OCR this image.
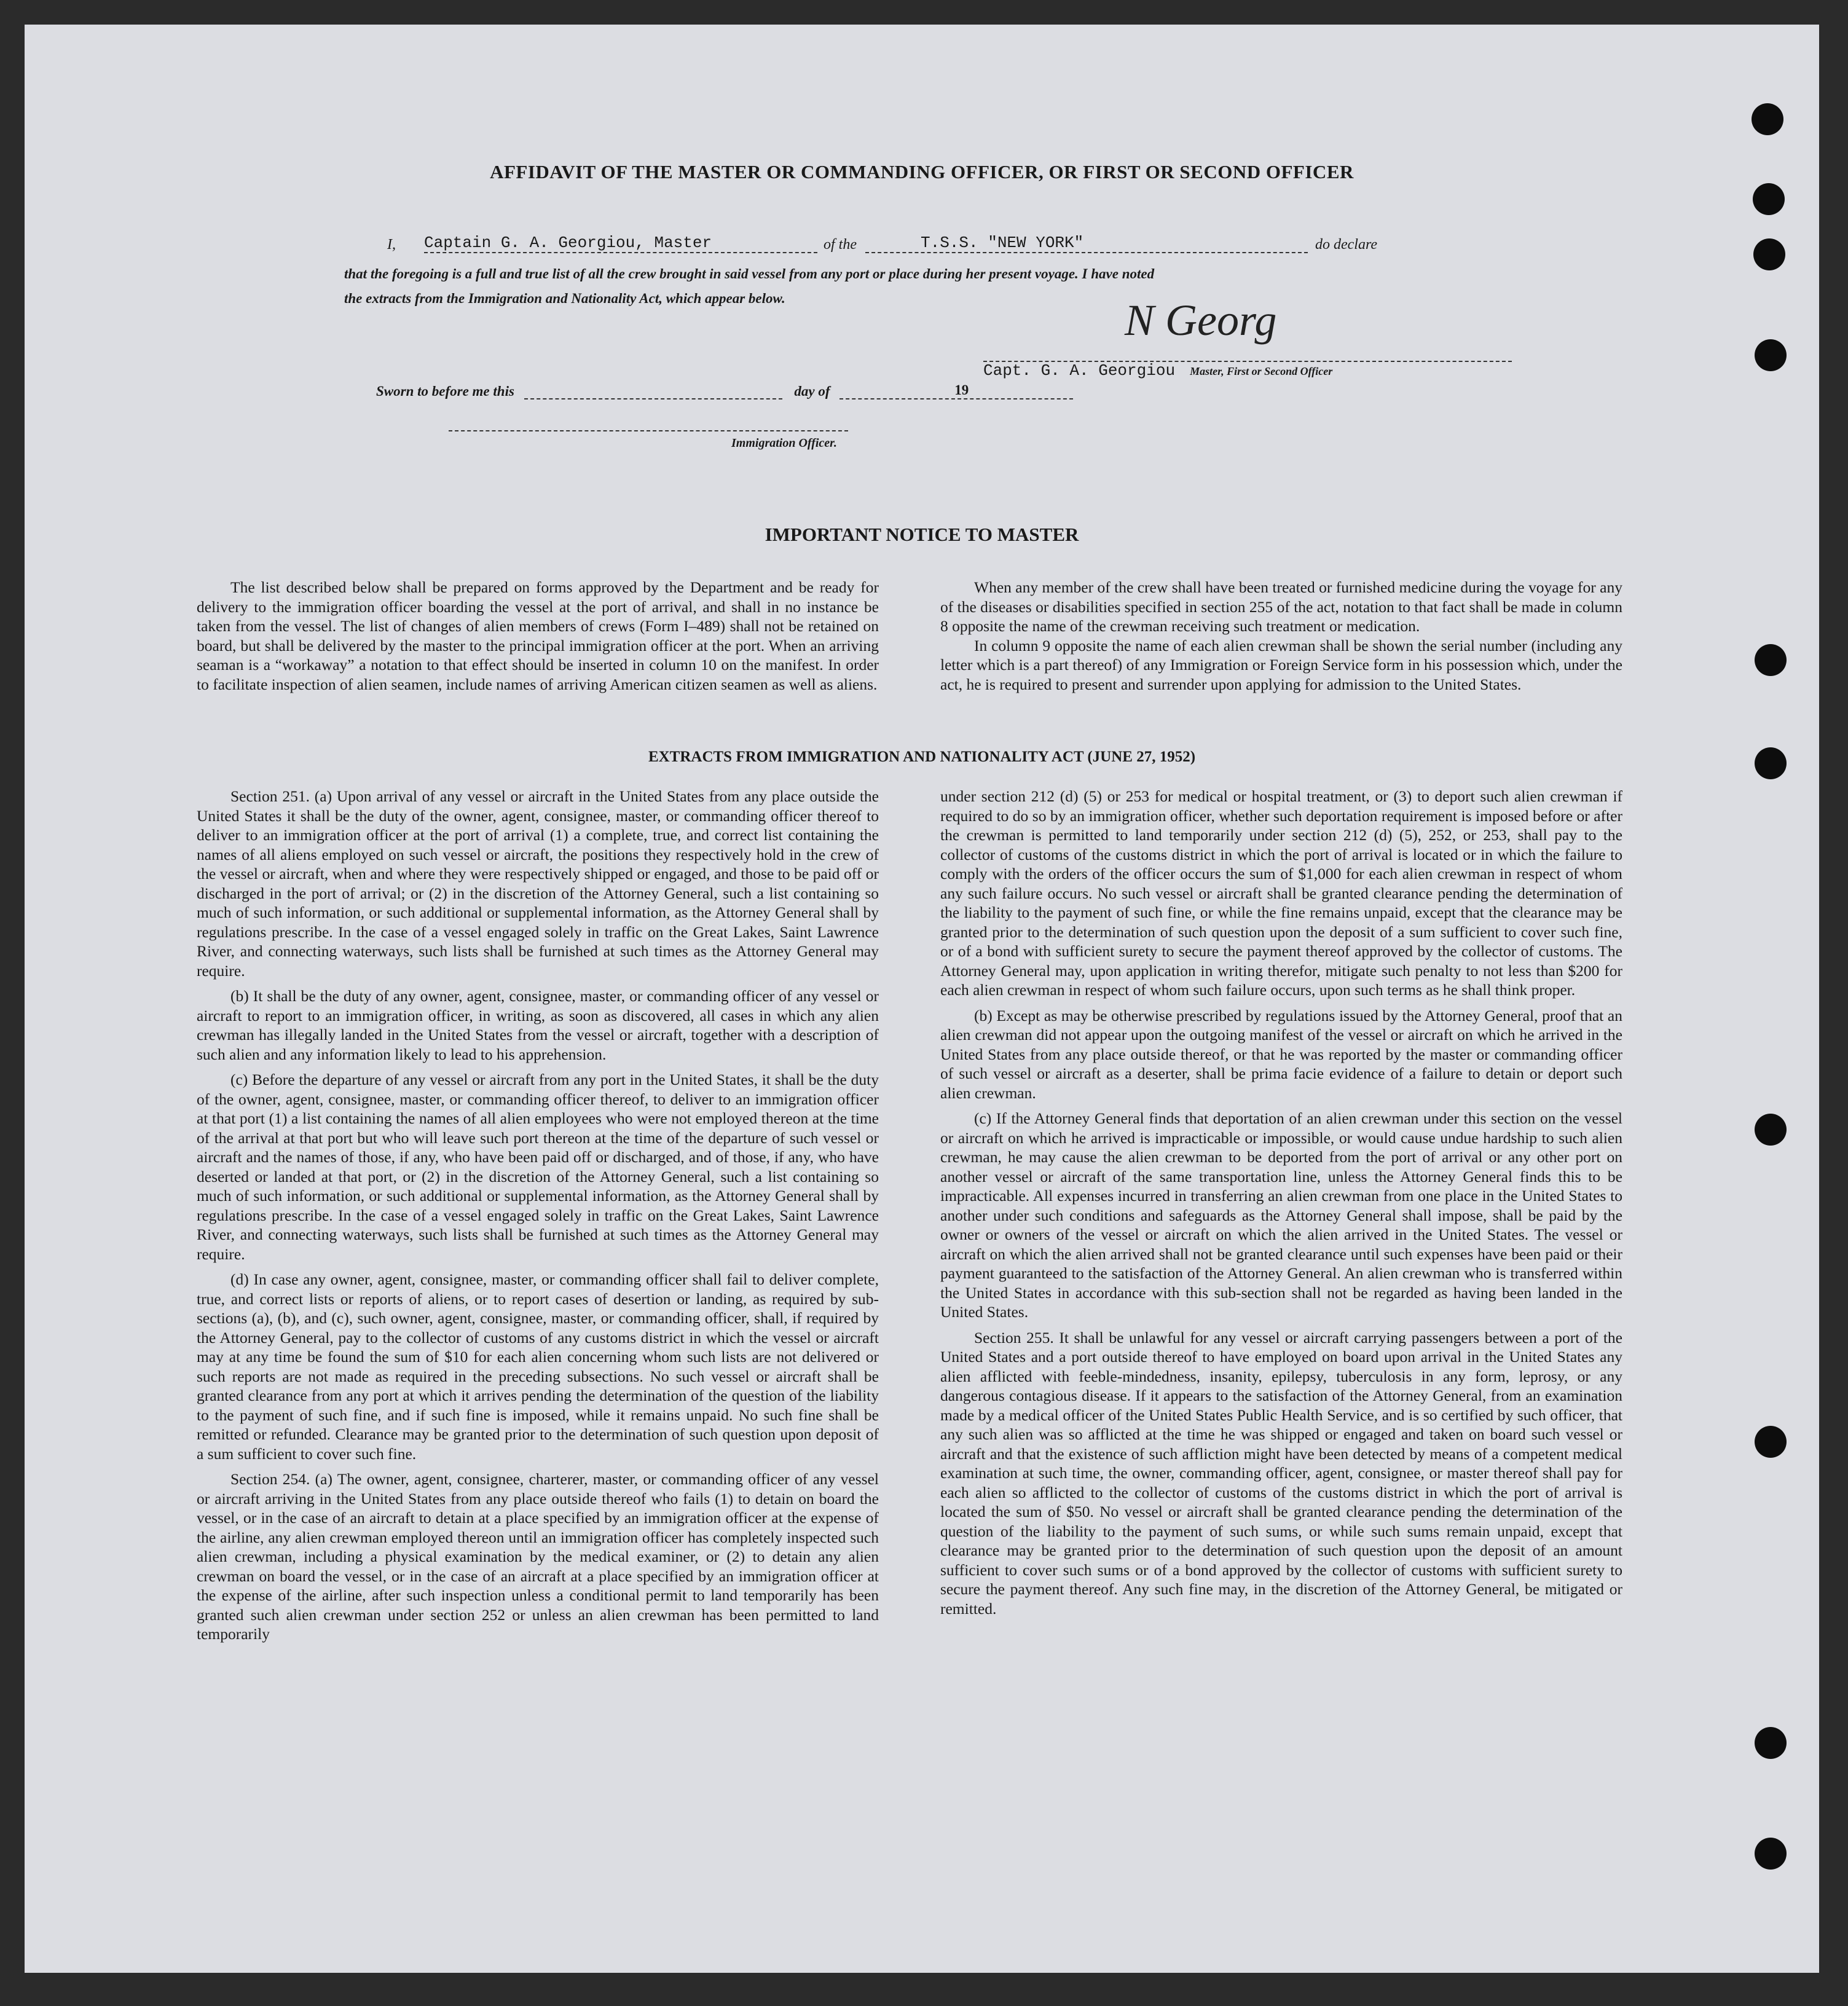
AFFIDAVIT OF THE MASTER OR COMMANDING OFFICER, OR FIRST OR SECOND OFFICER
I, Captain G. A. Georgiou, Master	of the	T.S.S. "NEW YORK"	do declare
that the foregoing is a full and true list of all the crew brought in said vessel from any port or place during her present voyage. I have noted
the extracts from the Immigration and Nationality Act, which appear below.	N Georg
Capt. G. A. Georgiou Master, First or Second Officer
Sworn to before me this	day of	19
Immigration Officer.
IMPORTANT NOTICE TO MASTER

The list described below shall be prepared on forms approved by the Department and be ready for delivery to the immigration officer boarding the vessel at the port of arrival, and shall in no instance be taken from the vessel. The list of changes of alien members of crews (Form I–489) shall not be retained on board, but shall be delivered by the master to the principal immigration officer at the port. When an arriving seaman is a “workaway” a notation to that effect should be inserted in column 10 on the manifest. In order to facilitate inspection of alien seamen, include names of arriving American citizen seamen as well as aliens.

When any member of the crew shall have been treated or furnished medicine during the voyage for any of the diseases or disabilities specified in section 255 of the act, notation to that fact shall be made in column 8 opposite the name of the crewman receiving such treatment or medication.

In column 9 opposite the name of each alien crewman shall be shown the serial number (including any letter which is a part thereof) of any Immigration or Foreign Service form in his possession which, under the act, he is required to present and surrender upon applying for admission to the United States.

EXTRACTS FROM IMMIGRATION AND NATIONALITY ACT (JUNE 27, 1952)

Section 251. (a) Upon arrival of any vessel or aircraft in the United States from any place outside the United States it shall be the duty of the owner, agent, consignee, master, or commanding officer thereof to deliver to an immigration officer at the port of arrival (1) a complete, true, and correct list containing the names of all aliens employed on such vessel or aircraft, the positions they respectively hold in the crew of the vessel or aircraft, when and where they were respectively shipped or engaged, and those to be paid off or discharged in the port of arrival; or (2) in the discretion of the Attorney General, such a list containing so much of such information, or such additional or supplemental information, as the Attorney General shall by regulations prescribe. In the case of a vessel engaged solely in traffic on the Great Lakes, Saint Lawrence River, and connecting waterways, such lists shall be furnished at such times as the Attorney General may require.

(b) It shall be the duty of any owner, agent, consignee, master, or commanding officer of any vessel or aircraft to report to an immigration officer, in writing, as soon as discovered, all cases in which any alien crewman has illegally landed in the United States from the vessel or aircraft, together with a description of such alien and any information likely to lead to his apprehension.

(c) Before the departure of any vessel or aircraft from any port in the United States, it shall be the duty of the owner, agent, consignee, master, or commanding officer thereof, to deliver to an immigration officer at that port (1) a list containing the names of all alien employees who were not employed thereon at the time of the arrival at that port but who will leave such port thereon at the time of the departure of such vessel or aircraft and the names of those, if any, who have been paid off or discharged, and of those, if any, who have deserted or landed at that port, or (2) in the discretion of the Attorney General, such a list containing so much of such information, or such additional or supplemental information, as the Attorney General shall by regulations prescribe. In the case of a vessel engaged solely in traffic on the Great Lakes, Saint Lawrence River, and connecting waterways, such lists shall be furnished at such times as the Attorney General may require.

(d) In case any owner, agent, consignee, master, or commanding officer shall fail to deliver complete, true, and correct lists or reports of aliens, or to report cases of desertion or landing, as required by sub-sections (a), (b), and (c), such owner, agent, consignee, master, or commanding officer, shall, if required by the Attorney General, pay to the collector of customs of any customs district in which the vessel or aircraft may at any time be found the sum of $10 for each alien concerning whom such lists are not delivered or such reports are not made as required in the preceding subsections. No such vessel or aircraft shall be granted clearance from any port at which it arrives pending the determination of the question of the liability to the payment of such fine, and if such fine is imposed, while it remains unpaid. No such fine shall be remitted or refunded. Clearance may be granted prior to the determination of such question upon deposit of a sum sufficient to cover such fine.

Section 254. (a) The owner, agent, consignee, charterer, master, or commanding officer of any vessel or aircraft arriving in the United States from any place outside thereof who fails (1) to detain on board the vessel, or in the case of an aircraft to detain at a place specified by an immigration officer at the expense of the airline, any alien crewman employed thereon until an immigration officer has completely inspected such alien crewman, including a physical examination by the medical examiner, or (2) to detain any alien crewman on board the vessel, or in the case of an aircraft at a place specified by an immigration officer at the expense of the airline, after such inspection unless a conditional permit to land temporarily has been granted such alien crewman under section 252 or unless an alien crewman has been permitted to land temporarily

under section 212 (d) (5) or 253 for medical or hospital treatment, or (3) to deport such alien crewman if required to do so by an immigration officer, whether such deportation requirement is imposed before or after the crewman is permitted to land temporarily under section 212 (d) (5), 252, or 253, shall pay to the collector of customs of the customs district in which the port of arrival is located or in which the failure to comply with the orders of the officer occurs the sum of $1,000 for each alien crewman in respect of whom any such failure occurs. No such vessel or aircraft shall be granted clearance pending the determination of the liability to the payment of such fine, or while the fine remains unpaid, except that the clearance may be granted prior to the determination of such question upon the deposit of a sum sufficient to cover such fine, or of a bond with sufficient surety to secure the payment thereof approved by the collector of customs. The Attorney General may, upon application in writing therefor, mitigate such penalty to not less than $200 for each alien crewman in respect of whom such failure occurs, upon such terms as he shall think proper.

(b) Except as may be otherwise prescribed by regulations issued by the Attorney General, proof that an alien crewman did not appear upon the outgoing manifest of the vessel or aircraft on which he arrived in the United States from any place outside thereof, or that he was reported by the master or commanding officer of such vessel or aircraft as a deserter, shall be prima facie evidence of a failure to detain or deport such alien crewman.

(c) If the Attorney General finds that deportation of an alien crewman under this section on the vessel or aircraft on which he arrived is impracticable or impossible, or would cause undue hardship to such alien crewman, he may cause the alien crewman to be deported from the port of arrival or any other port on another vessel or aircraft of the same transportation line, unless the Attorney General finds this to be impracticable. All expenses incurred in transferring an alien crewman from one place in the United States to another under such conditions and safeguards as the Attorney General shall impose, shall be paid by the owner or owners of the vessel or aircraft on which the alien arrived in the United States. The vessel or aircraft on which the alien arrived shall not be granted clearance until such expenses have been paid or their payment guaranteed to the satisfaction of the Attorney General. An alien crewman who is transferred within the United States in accordance with this sub-section shall not be regarded as having been landed in the United States.

Section 255. It shall be unlawful for any vessel or aircraft carrying passengers between a port of the United States and a port outside thereof to have employed on board upon arrival in the United States any alien afflicted with feeble-mindedness, insanity, epilepsy, tuberculosis in any form, leprosy, or any dangerous contagious disease. If it appears to the satisfaction of the Attorney General, from an examination made by a medical officer of the United States Public Health Service, and is so certified by such officer, that any such alien was so afflicted at the time he was shipped or engaged and taken on board such vessel or aircraft and that the existence of such affliction might have been detected by means of a competent medical examination at such time, the owner, commanding officer, agent, consignee, or master thereof shall pay for each alien so afflicted to the collector of customs of the customs district in which the port of arrival is located the sum of $50. No vessel or aircraft shall be granted clearance pending the determination of the question of the liability to the payment of such sums, or while such sums remain unpaid, except that clearance may be granted prior to the determination of such question upon the deposit of an amount sufficient to cover such sums or of a bond approved by the collector of customs with sufficient surety to secure the payment thereof. Any such fine may, in the discretion of the Attorney General, be mitigated or remitted.
